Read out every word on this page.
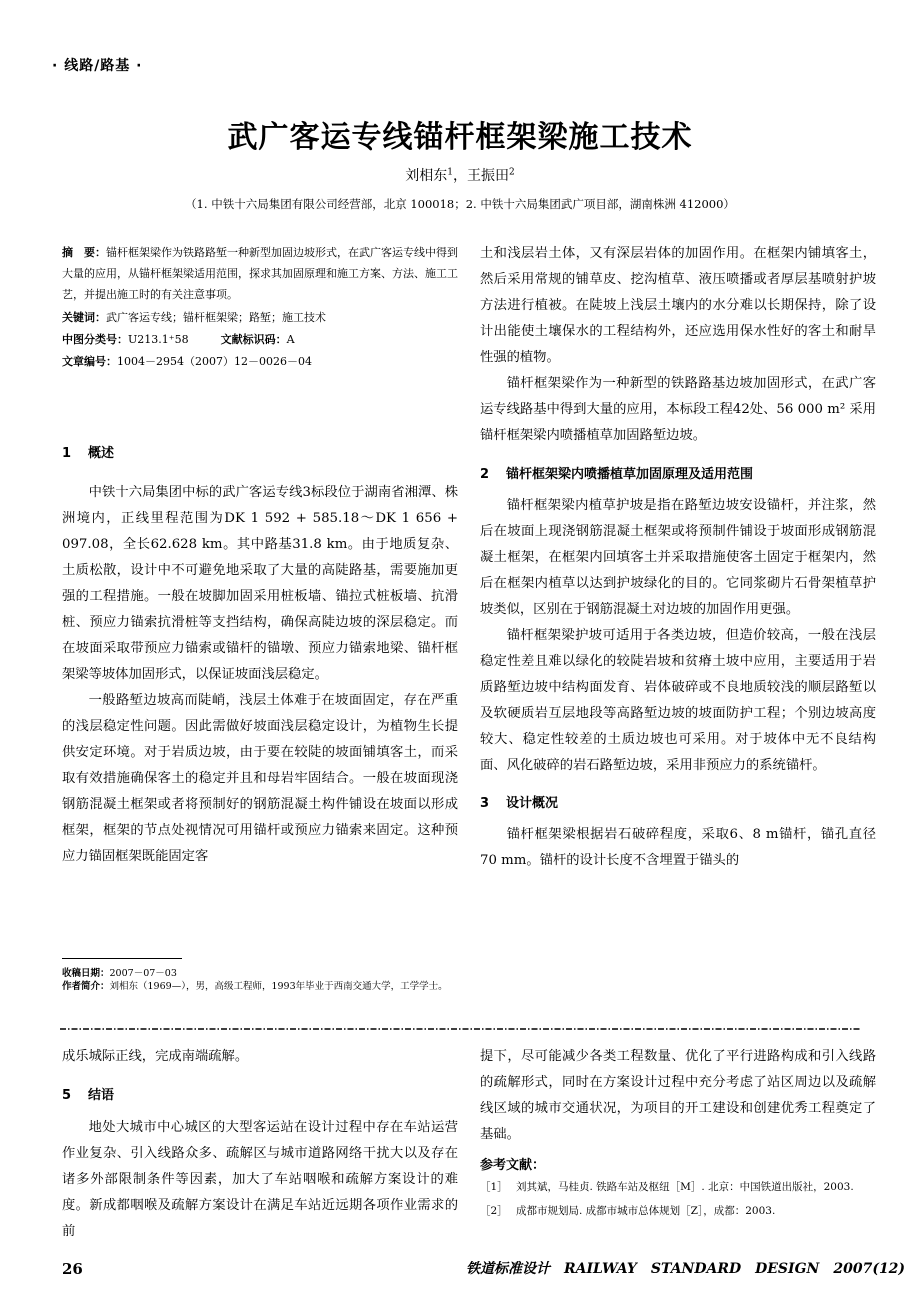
· 线路/路基 ·
武广客运专线锚杆框架梁施工技术
刘相东$^1$，王振田$^2$
（1. 中铁十六局集团有限公司经营部，北京 100018；2. 中铁十六局集团武广项目部，湖南株洲 412000）
摘　要：锚杆框架梁作为铁路路堑一种新型加固边坡形式，在武广客运专线中得到大量的应用，从锚杆框架梁适用范围，探求其加固原理和施工方案、方法、施工工艺，并提出施工时的有关注意事项。
关键词：武广客运专线；锚杆框架梁；路堑；施工技术
中图分类号：U213.1⁺58	文献标识码：A
文章编号：1004－2954（2007）12－0026－04
1 概述

中铁十六局集团中标的武广客运专线3标段位于湖南省湘潭、株洲境内，正线里程范围为DK 1 592 + 585.18～DK 1 656 + 097.08，全长62.628 km。其中路基31.8 km。由于地质复杂、土质松散，设计中不可避免地采取了大量的高陡路基，需要施加更强的工程措施。一般在坡脚加固采用桩板墙、锚拉式桩板墙、抗滑桩、预应力锚索抗滑桩等支挡结构，确保高陡边坡的深层稳定。而在坡面采取带预应力锚索或锚杆的锚墩、预应力锚索地梁、锚杆框架梁等坡体加固形式，以保证坡面浅层稳定。

一般路堑边坡高而陡峭，浅层土体难于在坡面固定，存在严重的浅层稳定性问题。因此需做好坡面浅层稳定设计，为植物生长提供安定环境。对于岩质边坡，由于要在较陡的坡面铺填客土，而采取有效措施确保客土的稳定并且和母岩牢固结合。一般在坡面现浇钢筋混凝土框架或者将预制好的钢筋混凝土构件铺设在坡面以形成框架，框架的节点处视情况可用锚杆或预应力锚索来固定。这种预应力锚固框架既能固定客

收稿日期：2007－07－03
作者简介：刘相东（1969—），男，高级工程师，1993年毕业于西南交通大学，工学学士。

土和浅层岩土体，又有深层岩体的加固作用。在框架内铺填客土，然后采用常规的铺草皮、挖沟植草、液压喷播或者厚层基喷射护坡方法进行植被。在陡坡上浅层土壤内的水分难以长期保持，除了设计出能使土壤保水的工程结构外，还应选用保水性好的客土和耐旱性强的植物。

锚杆框架梁作为一种新型的铁路路基边坡加固形式，在武广客运专线路基中得到大量的应用，本标段工程42处、56 000 m² 采用锚杆框架梁内喷播植草加固路堑边坡。

2 锚杆框架梁内喷播植草加固原理及适用范围

锚杆框架梁内植草护坡是指在路堑边坡安设锚杆，并注浆，然后在坡面上现浇钢筋混凝土框架或将预制件铺设于坡面形成钢筋混凝土框架，在框架内回填客土并采取措施使客土固定于框架内，然后在框架内植草以达到护坡绿化的目的。它同浆砌片石骨架植草护坡类似，区别在于钢筋混凝土对边坡的加固作用更强。

锚杆框架梁护坡可适用于各类边坡，但造价较高，一般在浅层稳定性差且难以绿化的较陡岩坡和贫瘠土坡中应用，主要适用于岩质路堑边坡中结构面发育、岩体破碎或不良地质较浅的顺层路堑以及软硬质岩互层地段等高路堑边坡的坡面防护工程；个别边坡高度较大、稳定性较差的土质边坡也可采用。对于坡体中无不良结构面、风化破碎的岩石路堑边坡，采用非预应力的系统锚杆。

3 设计概况

锚杆框架梁根据岩石破碎程度，采取6、8 m锚杆，锚孔直径70 mm。锚杆的设计长度不含埋置于锚头的

成乐城际正线，完成南端疏解。

5 结语

地处大城市中心城区的大型客运站在设计过程中存在车站运营作业复杂、引入线路众多、疏解区与城市道路网络干扰大以及存在诸多外部限制条件等因素，加大了车站咽喉和疏解方案设计的难度。新成都咽喉及疏解方案设计在满足车站近远期各项作业需求的前

提下，尽可能减少各类工程数量、优化了平行进路构成和引入线路的疏解形式，同时在方案设计过程中充分考虑了站区周边以及疏解线区域的城市交通状况，为项目的开工建设和创建优秀工程奠定了基础。

参考文献：
［1］ 刘其斌，马桂贞. 铁路车站及枢纽［M］. 北京：中国铁道出版社，2003.
［2］ 成都市规划局. 成都市城市总体规划［Z］，成都：2003.
26	铁道标准设计　RAILWAY　STANDARD　DESIGN　2007(12)
